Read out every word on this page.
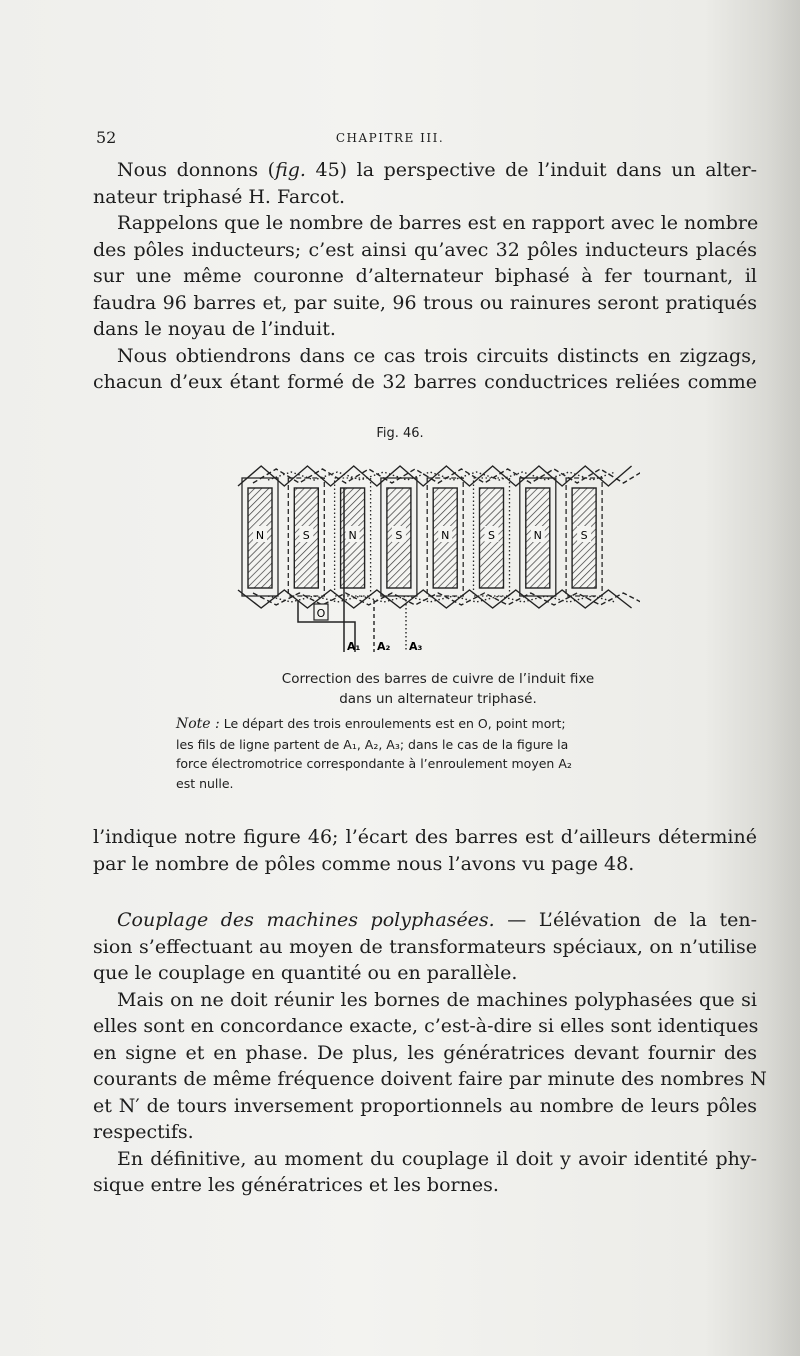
52	CHAPITRE III.
Nous donnons (fig. 45) la perspective de l’induit dans un alter-
nateur triphasé H. Farcot.
Rappelons que le nombre de barres est en rapport avec le nombre
des pôles inducteurs; c’est ainsi qu’avec 32 pôles inducteurs placés
sur une même couronne d’alternateur biphasé à fer tournant, il
faudra 96 barres et, par suite, 96 trous ou rainures seront pratiqués
dans le noyau de l’induit.
Nous obtiendrons dans ce cas trois circuits distincts en zigzags,
chacun d’eux étant formé de 32 barres conductrices reliées comme
Fig. 46.
N	S	N	S	N	S	N	S
O
A₁ A₂ A₃
Correction des barres de cuivre de l’induit fixe
dans un alternateur triphasé.
Note : Le départ des trois enroulements est en O, point mort;
les fils de ligne partent de A₁, A₂, A₃; dans le cas de la figure la
force électromotrice correspondante à l’enroulement moyen A₂
est nulle.
l’indique notre figure 46; l’écart des barres est d’ailleurs déterminé
par le nombre de pôles comme nous l’avons vu page 48.
Couplage des machines polyphasées. — L’élévation de la ten-
sion s’effectuant au moyen de transformateurs spéciaux, on n’utilise
que le couplage en quantité ou en parallèle.
Mais on ne doit réunir les bornes de machines polyphasées que si
elles sont en concordance exacte, c’est-à-dire si elles sont identiques
en signe et en phase. De plus, les génératrices devant fournir des
courants de même fréquence doivent faire par minute des nombres N
et N′ de tours inversement proportionnels au nombre de leurs pôles
respectifs.
En définitive, au moment du couplage il doit y avoir identité phy-
sique entre les génératrices et les bornes.
